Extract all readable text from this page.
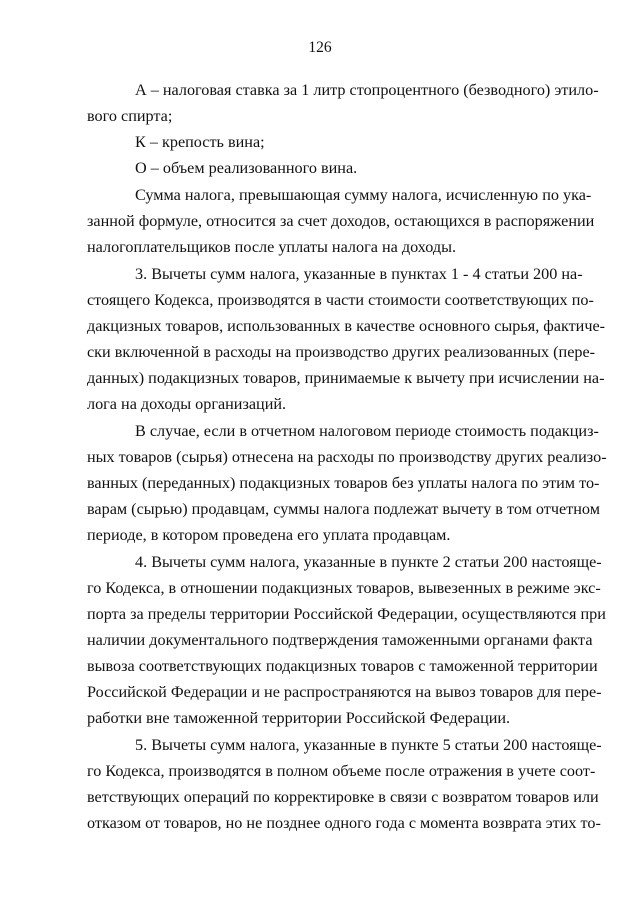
126
А – налоговая ставка за 1 литр стопроцентного (безводного) этило-
вого спирта;
К – крепость вина;
О – объем реализованного вина.
Сумма налога, превышающая сумму налога, исчисленную по ука-
занной формуле, относится за счет доходов, остающихся в распоряжении
налогоплательщиков после уплаты налога на доходы.
3. Вычеты сумм налога, указанные в пунктах 1 - 4 статьи 200 на-
стоящего Кодекса, производятся в части стоимости соответствующих по-
дакцизных товаров, использованных в качестве основного сырья, фактиче-
ски включенной в расходы на производство других реализованных (пере-
данных) подакцизных товаров, принимаемые к вычету при исчислении на-
лога на доходы организаций.
В случае, если в отчетном налоговом периоде стоимость подакциз-
ных товаров (сырья) отнесена на расходы по производству других реализо-
ванных (переданных) подакцизных товаров без уплаты налога по этим то-
варам (сырью) продавцам, суммы налога подлежат вычету в том отчетном
периоде, в котором проведена его уплата продавцам.
4. Вычеты сумм налога, указанные в пункте 2 статьи 200 настояще-
го Кодекса, в отношении подакцизных товаров, вывезенных в режиме экс-
порта за пределы территории Российской Федерации, осуществляются при
наличии документального подтверждения таможенными органами факта
вывоза соответствующих подакцизных товаров с таможенной территории
Российской Федерации и не распространяются на вывоз товаров для пере-
работки вне таможенной территории Российской Федерации.
5. Вычеты сумм налога, указанные в пункте 5 статьи 200 настояще-
го Кодекса, производятся в полном объеме после отражения в учете соот-
ветствующих операций по корректировке в связи с возвратом товаров или
отказом от товаров, но не позднее одного года с момента возврата этих то-
